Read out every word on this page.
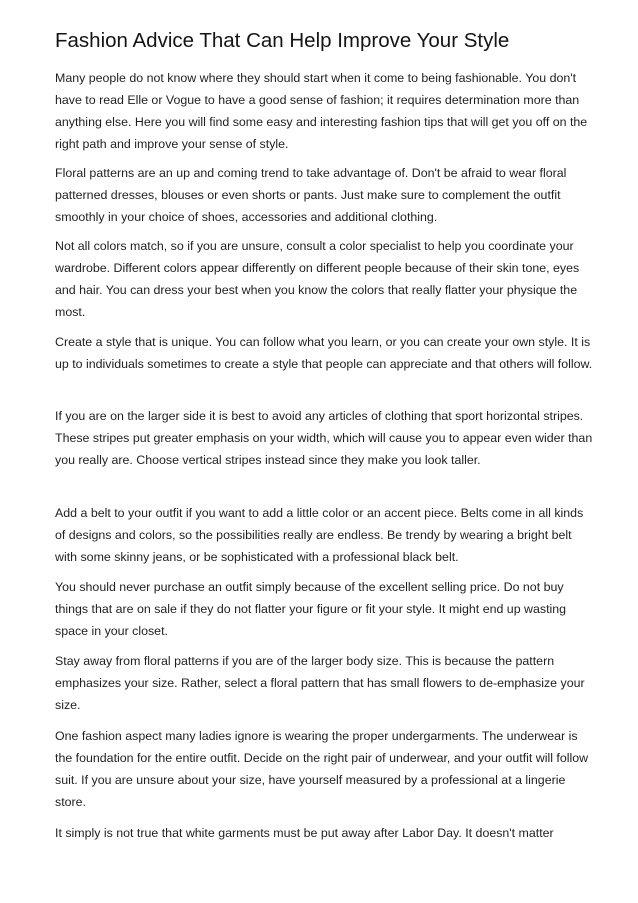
Fashion Advice That Can Help Improve Your Style

Many people do not know where they should start when it come to being fashionable. You don't have to read Elle or Vogue to have a good sense of fashion; it requires determination more than anything else. Here you will find some easy and interesting fashion tips that will get you off on the right path and improve your sense of style.

Floral patterns are an up and coming trend to take advantage of. Don't be afraid to wear floral patterned dresses, blouses or even shorts or pants. Just make sure to complement the outfit smoothly in your choice of shoes, accessories and additional clothing.

Not all colors match, so if you are unsure, consult a color specialist to help you coordinate your wardrobe. Different colors appear differently on different people because of their skin tone, eyes and hair. You can dress your best when you know the colors that really flatter your physique the most.

Create a style that is unique. You can follow what you learn, or you can create your own style. It is up to individuals sometimes to create a style that people can appreciate and that others will follow.

If you are on the larger side it is best to avoid any articles of clothing that sport horizontal stripes. These stripes put greater emphasis on your width, which will cause you to appear even wider than you really are. Choose vertical stripes instead since they make you look taller.

Add a belt to your outfit if you want to add a little color or an accent piece. Belts come in all kinds of designs and colors, so the possibilities really are endless. Be trendy by wearing a bright belt with some skinny jeans, or be sophisticated with a professional black belt.

You should never purchase an outfit simply because of the excellent selling price. Do not buy things that are on sale if they do not flatter your figure or fit your style. It might end up wasting space in your closet.

Stay away from floral patterns if you are of the larger body size. This is because the pattern emphasizes your size. Rather, select a floral pattern that has small flowers to de-emphasize your size.

One fashion aspect many ladies ignore is wearing the proper undergarments. The underwear is the foundation for the entire outfit. Decide on the right pair of underwear, and your outfit will follow suit. If you are unsure about your size, have yourself measured by a professional at a lingerie store.

It simply is not true that white garments must be put away after Labor Day. It doesn't matter
